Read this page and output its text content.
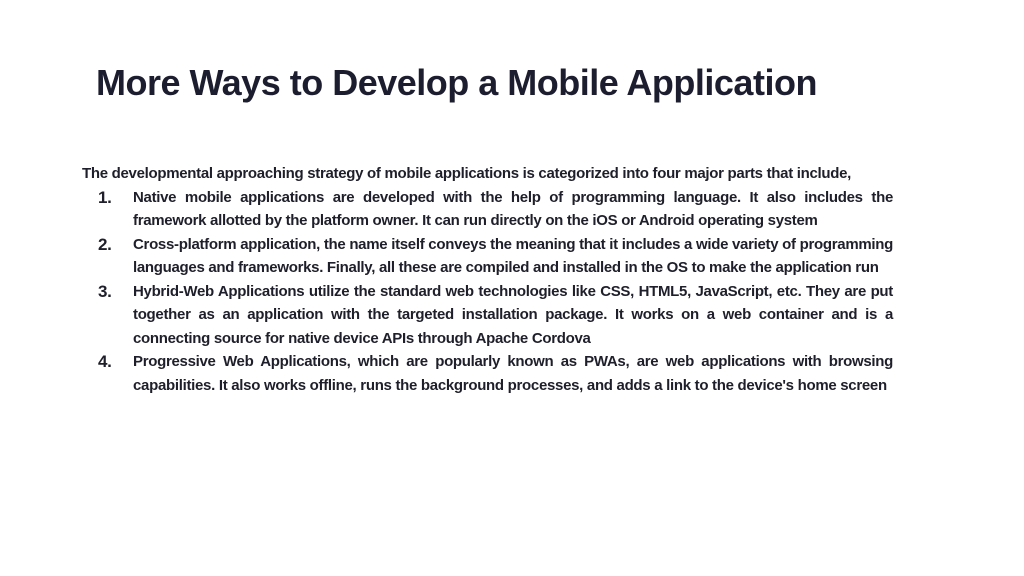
More Ways to Develop a Mobile Application

The developmental approaching strategy of mobile applications is categorized into four major parts that include,

1.	Native mobile applications are developed with the help of programming language. It also includes the framework allotted by the platform owner. It can run directly on the iOS or Android operating system
2.	Cross-platform application, the name itself conveys the meaning that it includes a wide variety of programming languages and frameworks. Finally, all these are compiled and installed in the OS to make the application run
3.	Hybrid-Web Applications utilize the standard web technologies like CSS, HTML5, JavaScript, etc. They are put together as an application with the targeted installation package. It works on a web container and is a connecting source for native device APIs through Apache Cordova
4.	Progressive Web Applications, which are popularly known as PWAs, are web applications with browsing capabilities. It also works offline, runs the background processes, and adds a link to the device's home screen
